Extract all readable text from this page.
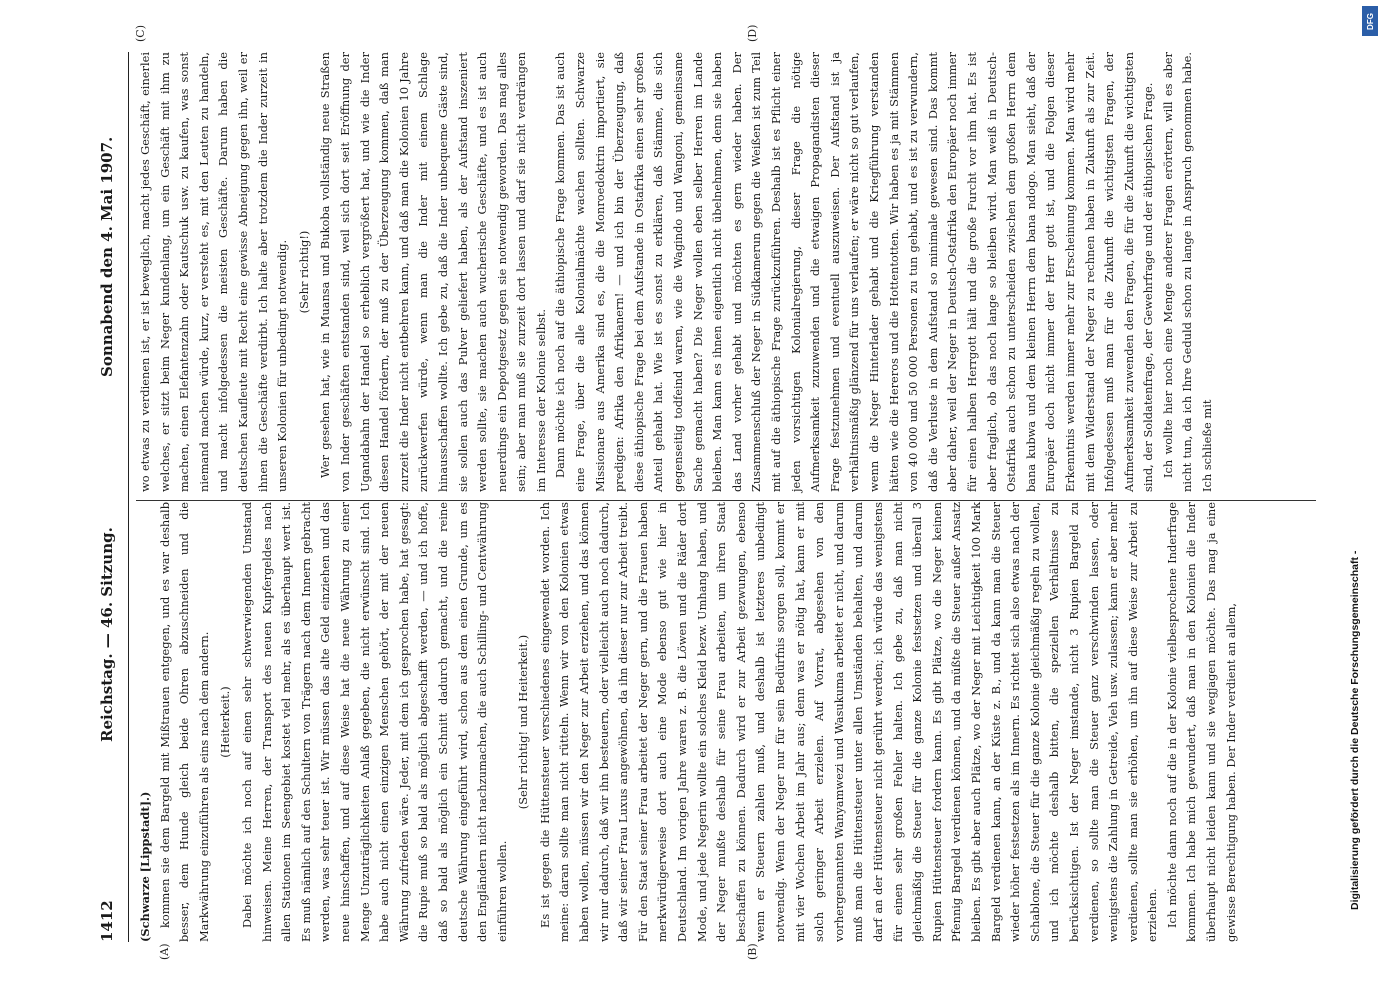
1412
Reichstag. — 46. Sitzung.
Sonnabend den 4. Mai 1907.
(A)	(B)
(C)	(D)

(Schwarze [Lippstadt].) kommen sie dem Bargeld mit Mißtrauen entgegen, und es war deshalb besser, dem Hunde gleich beide Ohren abzuschneiden und die Markwährung einzuführen als eins nach dem andern. (Heiterkeit.) Dabei möchte ich noch auf einen sehr schwerwiegenden Umstand hinweisen. Meine Herren, der Transport des neuen Kupfergeldes nach allen Stationen im Seengebiet kostet viel mehr, als es überhaupt wert ist. Es muß nämlich auf den Schultern von Trägern nach dem Innern gebracht werden, was sehr teuer ist. Wir müssen das alte Geld einziehen und das neue hinschaffen, und auf diese Weise hat die neue Währung zu einer Menge Unzuträglichkeiten Anlaß gegeben, die nicht erwünscht sind. Ich habe auch nicht einen einzigen Menschen gehört, der mit der neuen Währung zufrieden wäre. Jeder, mit dem ich gesprochen habe, hat gesagt: die Rupie muß so bald als möglich abgeschafft werden, — und ich hoffe, daß so bald als möglich ein Schnitt dadurch gemacht, und die reine deutsche Währung eingeführt wird, schon aus dem einen Grunde, um es den Engländern nicht nachzumachen, die auch Schilling- und Centwährung einführen wollen.

(Sehr richtig! und Heiterkeit.) Es ist gegen die Hüttensteuer verschiedenes eingewendet worden. Ich meine: daran sollte man nicht rütteln. Wenn wir von den Kolonien etwas haben wollen, müssen wir den Neger zur Arbeit erziehen, und das können wir nur dadurch, daß wir ihn besteuern, oder vielleicht auch noch dadurch, daß wir seiner Frau Luxus angewöhnen, da ihn dieser nur zur Arbeit treibt. Für den Staat seiner Frau arbeitet der Neger gern, und die Frauen haben merkwürdigerweise dort auch eine Mode ebenso gut wie hier in Deutschland. Im vorigen Jahre waren z. B. die Löwen und die Räder dort Mode, und jede Negerin wollte ein solches Kleid bezw. Umhang haben, und der Neger mußte deshalb für seine Frau arbeiten, um ihren Staat beschaffen zu können. Dadurch wird er zur Arbeit gezwungen, ebenso wenn er Steuern zahlen muß, und deshalb ist letzteres unbedingt notwendig. Wenn der Neger nur für sein Bedürfnis sorgen soll, kommt er mit vier Wochen Arbeit im Jahr aus; denn was er nötig hat, kann er mit solch geringer Arbeit erzielen. Auf Vorrat, abgesehen von den vorhergenannten Wanyamwezi und Wasukuma arbeitet er nicht, und darum muß man die Hüttensteuer unter allen Umständen behalten, und darum darf an der Hüttensteuer nicht gerührt werden; ich würde das wenigstens für einen sehr großen Fehler halten. Ich gebe zu, daß man nicht gleichmäßig die Steuer für die ganze Kolonie festsetzen und überall 3 Rupien Hüttensteuer fordern kann. Es gibt Plätze, wo die Neger keinen Pfennig Bargeld verdienen können, und da müßte die Steuer außer Ansatz bleiben. Es gibt aber auch Plätze, wo der Neger mit Leichtigkeit 100 Mark Bargeld verdienen kann, an der Küste z. B., und da kann man die Steuer wieder höher festsetzen als im Innern. Es richtet sich also etwas nach der Schablone, die Steuer für die ganze Kolonie gleichmäßig regeln zu wollen, und ich möchte deshalb bitten, die speziellen Verhältnisse zu berücksichtigen. Ist der Neger imstande, nicht 3 Rupien Bargeld zu verdienen, so sollte man die Steuer ganz verschwinden lassen, oder wenigstens die Zahlung in Getreide, Vieh usw. zulassen; kann er aber mehr verdienen, sollte man sie erhöhen, um ihn auf diese Weise zur Arbeit zu erziehen. Ich möchte dann noch auf die in der Kolonie vielbesprochene Inderfrage kommen. Ich habe mich gewundert, daß man in den Kolonien die Inder überhaupt nicht leiden kann und sie wegjagen möchte. Das mag ja eine gewisse Berechtigung haben. Der Inder verdient an allem,

wo etwas zu verdienen ist, er ist beweglich, macht jedes Geschäft, einerlei welches, er sitzt beim Neger kundenlang, um ein Geschäft mit ihm zu machen, einen Elefantenzahn oder Kautschuk usw. zu kaufen, was sonst niemand machen würde, kurz, er versteht es, mit den Leuten zu handeln, und macht infolgedessen die meisten Geschäfte. Darum haben die deutschen Kaufleute mit Recht eine gewisse Abneigung gegen ihn, weil er ihnen die Geschäfte verdirbt. Ich halte aber trotzdem die Inder zurzeit in unseren Kolonien für unbedingt notwendig. (Sehr richtig!) Wer gesehen hat, wie in Muansa und Bukoba vollständig neue Straßen von Inder geschäften entstanden sind, weil sich dort seit Eröffnung der Ugandabahn der Handel so erheblich vergrößert hat, und wie die Inder diesen Handel fördern, der muß zu der Überzeugung kommen, daß man zurzeit die Inder nicht entbehren kann, und daß man die Kolonien 10 Jahre zurückwerfen würde, wenn man die Inder mit einem Schlage hinausschaffen wollte. Ich gebe zu, daß die Inder unbequeme Gäste sind, sie sollen auch das Pulver geliefert haben, als der Aufstand inszeniert werden sollte, sie machen auch wucherische Geschäfte, und es ist auch neuerdings ein Depotgesetz gegen sie notwendig geworden. Das mag alles sein; aber man muß sie zurzeit dort lassen und darf sie nicht verdrängen im Interesse der Kolonie selbst. Dann möchte ich noch auf die äthiopische Frage kommen. Das ist auch eine Frage, über die alle Kolonialmächte wachen sollten. Schwarze Missionare aus Amerika sind es, die die Monroedoktrin importiert, sie predigen: Afrika den Afrikanern! — und ich bin der Überzeugung, daß diese äthiopische Frage bei dem Aufstande in Ostafrika einen sehr großen Anteil gehabt hat. Wie ist es sonst zu erklären, daß Stämme, die sich gegenseitig todfeind waren, wie die Wagindo und Wangoni, gemeinsame Sache gemacht haben? Die Neger wollen eben selber Herren im Lande bleiben. Man kann es ihnen eigentlich nicht übelnehmen, denn sie haben das Land vorher gehabt und möchten es gern wieder haben. Der Zusammenschluß der Neger in Südkamerun gegen die Weißen ist zum Teil mit auf die äthiopische Frage zurückzuführen. Deshalb ist es Pflicht einer jeden vorsichtigen Kolonialregierung, dieser Frage die nötige Aufmerksamkeit zuzuwenden und die etwaigen Propagandisten dieser Frage festzunehmen und eventuell auszuweisen. Der Aufstand ist ja verhältnismäßig glänzend für uns verlaufen; er wäre nicht so gut verlaufen, wenn die Neger Hinterlader gehabt und die Kriegführung verstanden hätten wie die Hereros und die Hottentotten. Wir haben es ja mit Stämmen von 40 000 und 50 000 Personen zu tun gehabt, und es ist zu verwundern, daß die Verluste in dem Aufstand so minimale gewesen sind. Das kommt aber daher, weil der Neger in Deutsch-Ostafrika den Europäer noch immer für einen halben Herrgott hält und die große Furcht vor ihm hat. Es ist aber fraglich, ob das noch lange so bleiben wird. Man weiß in Deutsch-Ostafrika auch schon zu unterscheiden zwischen dem großen Herrn dem bana kubwa und dem kleinen Herrn dem bana ndogo. Man sieht, daß der Europäer doch nicht immer der Herr gott ist, und die Folgen dieser Erkenntnis werden immer mehr zur Erscheinung kommen. Man wird mehr mit dem Widerstand der Neger zu rechnen haben in Zukunft als zur Zeit. Infolgedessen muß man für die Zukunft die wichtigsten Fragen, der Aufmerksamkeit zuwenden den Fragen, die für die Zukunft die wichtigsten sind, der Soldatenfrage, der Gewehrfrage und der äthiopischen Frage. Ich wollte hier noch eine Menge anderer Fragen erörtern, will es aber nicht tun, da ich Ihre Geduld schon zu lange in Anspruch genommen habe. Ich schließe mit

Digitalisierung gefördert durch die Deutsche Forschungsgemeinschaft -
DFG
